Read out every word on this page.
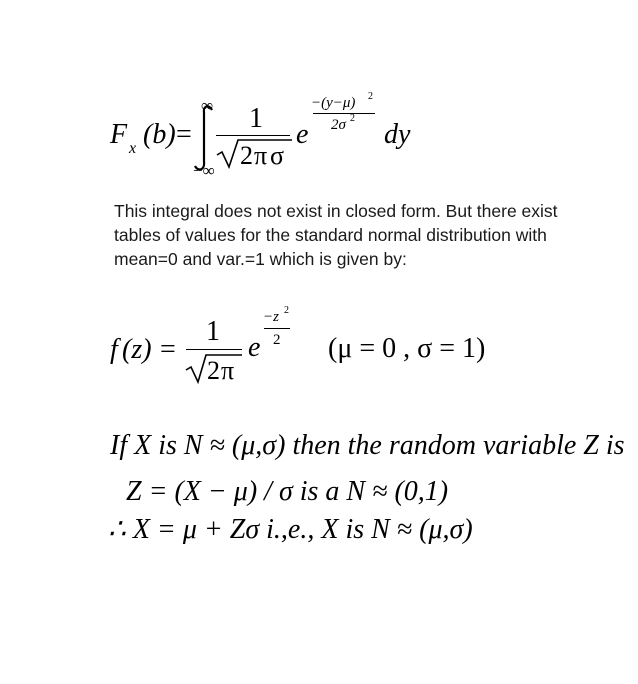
F x (b) =
∞
−∞
1
2 π σ
e
−(y−μ) 2
2σ 2
dy
This integral does not exist in closed form. But there exist
tables of values for the standard normal distribution with
mean=0 and var.=1 which is given by:
f (z) =
1
2 π
e
−z 2
2 (μ = 0 , σ = 1)
If X is N ≈ (μ,σ) then the random variable Z is
Z = (X − μ) / σ is a N ≈ (0,1)
∴ X = μ + Zσ i.,e., X is N ≈ (μ,σ)
